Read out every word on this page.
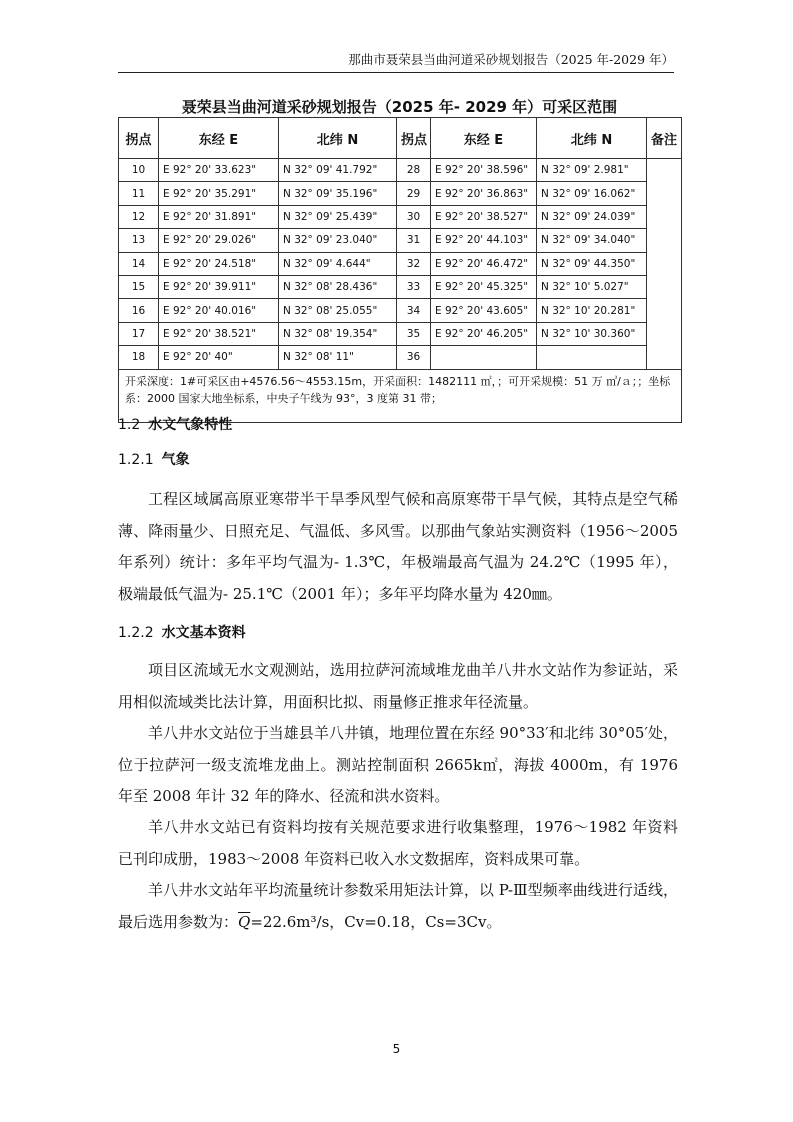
那曲市聂荣县当曲河道采砂规划报告（2025 年-2029 年）
聂荣县当曲河道采砂规划报告（2025 年- 2029 年）可采区范围
拐点	东经 E	北纬 N	拐点	东经 E	北纬 N	备注
10	E 92° 20' 33.623"	N 32° 09' 41.792"	28	E 92° 20' 38.596"	N 32° 09' 2.981"	
11	E 92° 20' 35.291"	N 32° 09' 35.196"	29	E 92° 20' 36.863"	N 32° 09' 16.062"	
12	E 92° 20' 31.891"	N 32° 09' 25.439"	30	E 92° 20' 38.527"	N 32° 09' 24.039"	
13	E 92° 20' 29.026"	N 32° 09' 23.040"	31	E 92° 20' 44.103"	N 32° 09' 34.040"	
14	E 92° 20' 24.518"	N 32° 09' 4.644"	32	E 92° 20' 46.472"	N 32° 09' 44.350"	
15	E 92° 20' 39.911"	N 32° 08' 28.436"	33	E 92° 20' 45.325"	N 32° 10' 5.027"	
16	E 92° 20' 40.016"	N 32° 08' 25.055"	34	E 92° 20' 43.605"	N 32° 10' 20.281"	
17	E 92° 20' 38.521"	N 32° 08' 19.354"	35	E 92° 20' 46.205"	N 32° 10' 30.360"	
18	E 92° 20' 40"	N 32° 08' 11"	36			
开采深度：1#可采区由+4576.56～4553.15m，开采面积：1482111 ㎡，；可开采规模：51 万 ㎥/ａ；；坐标系：2000 国家大地坐标系，中央子午线为 93°，3 度第 31 带；						
1.2 水文气象特性
1.2.1 气象
工程区域属高原亚寒带半干旱季风型气候和高原寒带干旱气候，其特点是空气稀薄、降雨量少、日照充足、气温低、多风雪。以那曲气象站实测资料（1956～2005 年系列）统计：多年平均气温为- 1.3℃，年极端最高气温为 24.2℃（1995 年），极端最低气温为- 25.1℃（2001 年）；多年平均降水量为 420㎜。
1.2.2 水文基本资料
项目区流域无水文观测站，选用拉萨河流域堆龙曲羊八井水文站作为参证站，采用相似流域类比法计算，用面积比拟、雨量修正推求年径流量。
羊八井水文站位于当雄县羊八井镇，地理位置在东经 90°33′和北纬 30°05′处，位于拉萨河一级支流堆龙曲上。测站控制面积 2665k㎡，海拔 4000m，有 1976 年至 2008 年计 32 年的降水、径流和洪水资料。
羊八井水文站已有资料均按有关规范要求进行收集整理，1976～1982 年资料已刊印成册，1983～2008 年资料已收入水文数据库，资料成果可靠。
羊八井水文站年平均流量统计参数采用矩法计算，以 P-Ⅲ型频率曲线进行适线，最后选用参数为：$\overline{Q}=22.6m^3/s$，Cv=0.18，Cs=3Cv。
5
